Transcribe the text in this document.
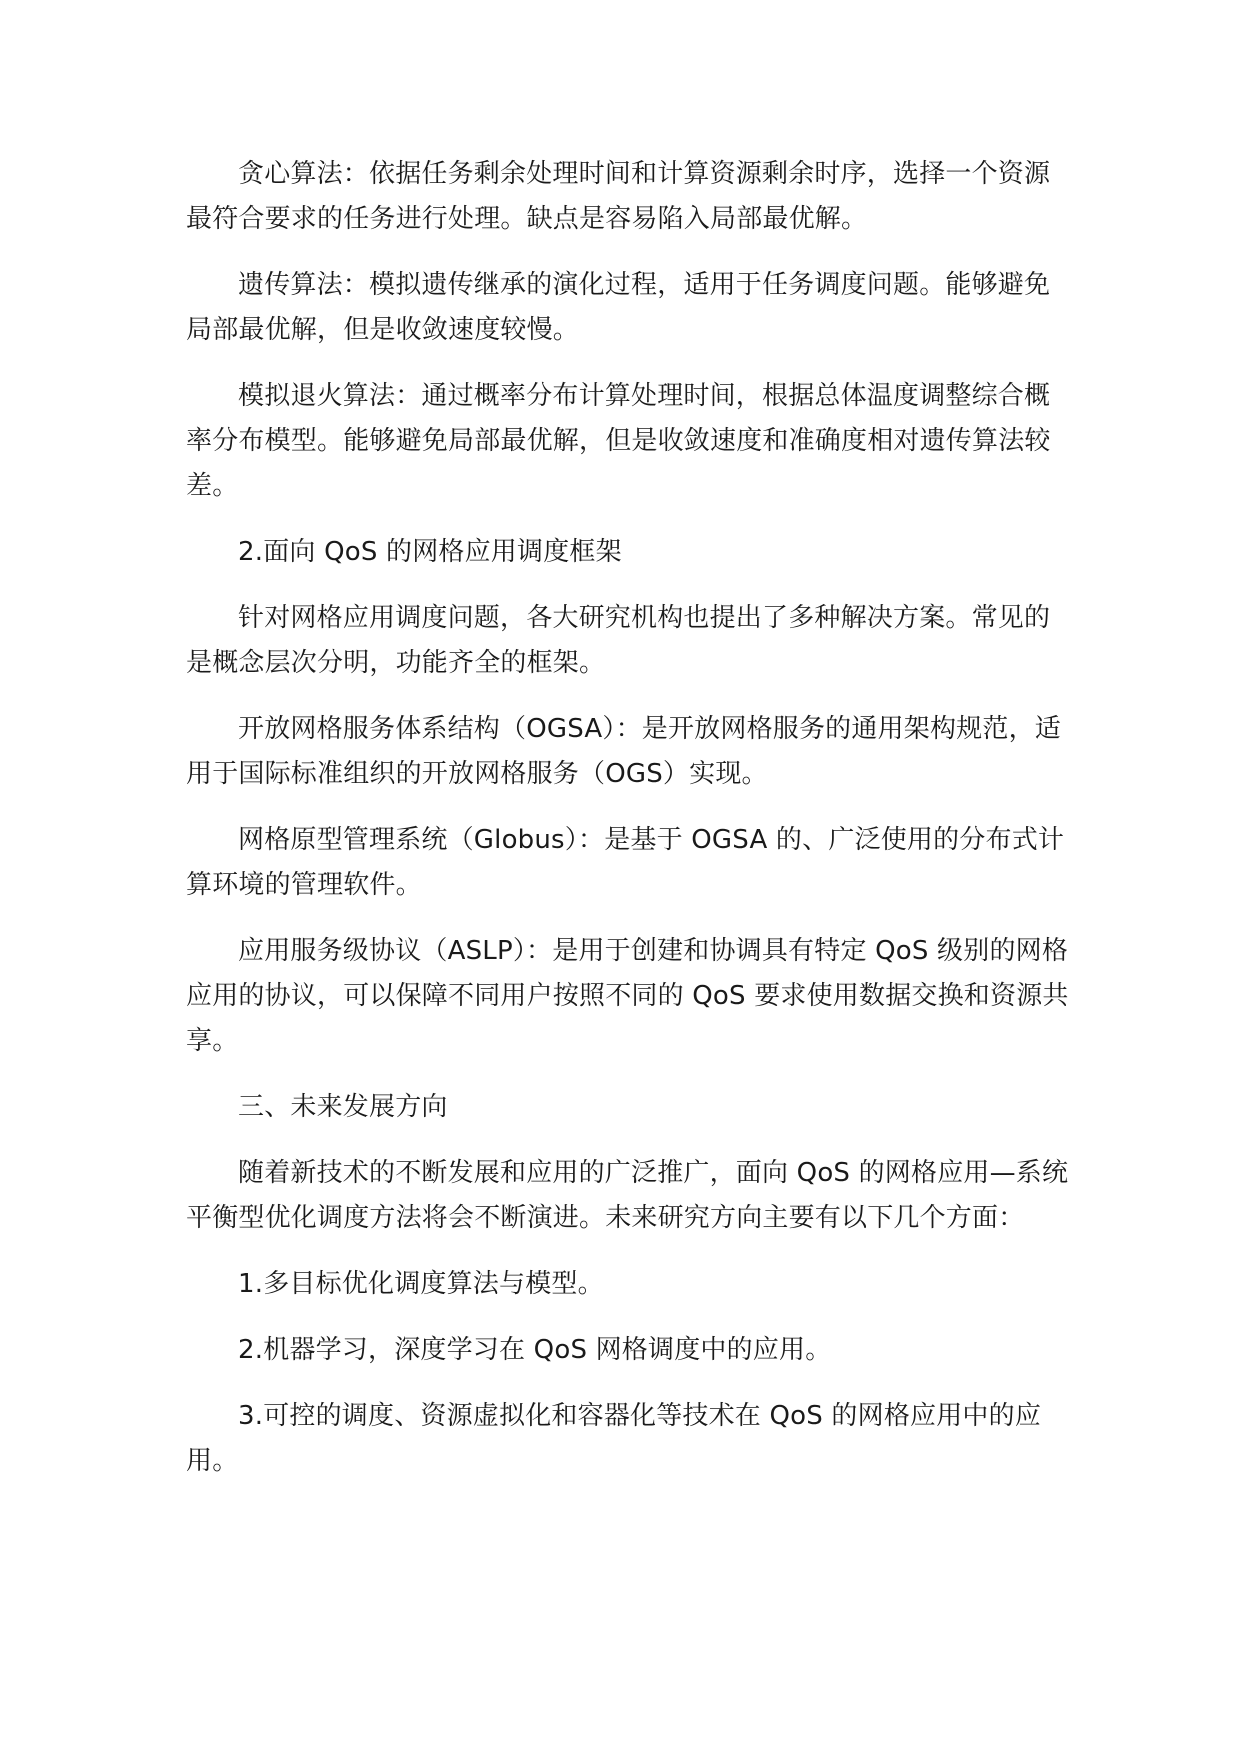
贪心算法：依据任务剩余处理时间和计算资源剩余时序，选择一个资源最符合要求的任务进行处理。缺点是容易陷入局部最优解。

遗传算法：模拟遗传继承的演化过程，适用于任务调度问题。能够避免局部最优解，但是收敛速度较慢。

模拟退火算法：通过概率分布计算处理时间，根据总体温度调整综合概率分布模型。能够避免局部最优解，但是收敛速度和准确度相对遗传算法较差。

2.面向 QoS 的网格应用调度框架

针对网格应用调度问题，各大研究机构也提出了多种解决方案。常见的是概念层次分明，功能齐全的框架。

开放网格服务体系结构（OGSA）：是开放网格服务的通用架构规范，适用于国际标准组织的开放网格服务（OGS）实现。

网格原型管理系统（Globus）：是基于 OGSA 的、广泛使用的分布式计算环境的管理软件。

应用服务级协议（ASLP）：是用于创建和协调具有特定 QoS 级别的网格应用的协议，可以保障不同用户按照不同的 QoS 要求使用数据交换和资源共享。

三、未来发展方向

随着新技术的不断发展和应用的广泛推广，面向 QoS 的网格应用—系统平衡型优化调度方法将会不断演进。未来研究方向主要有以下几个方面：

1.多目标优化调度算法与模型。

2.机器学习，深度学习在 QoS 网格调度中的应用。

3.可控的调度、资源虚拟化和容器化等技术在 QoS 的网格应用中的应用。
